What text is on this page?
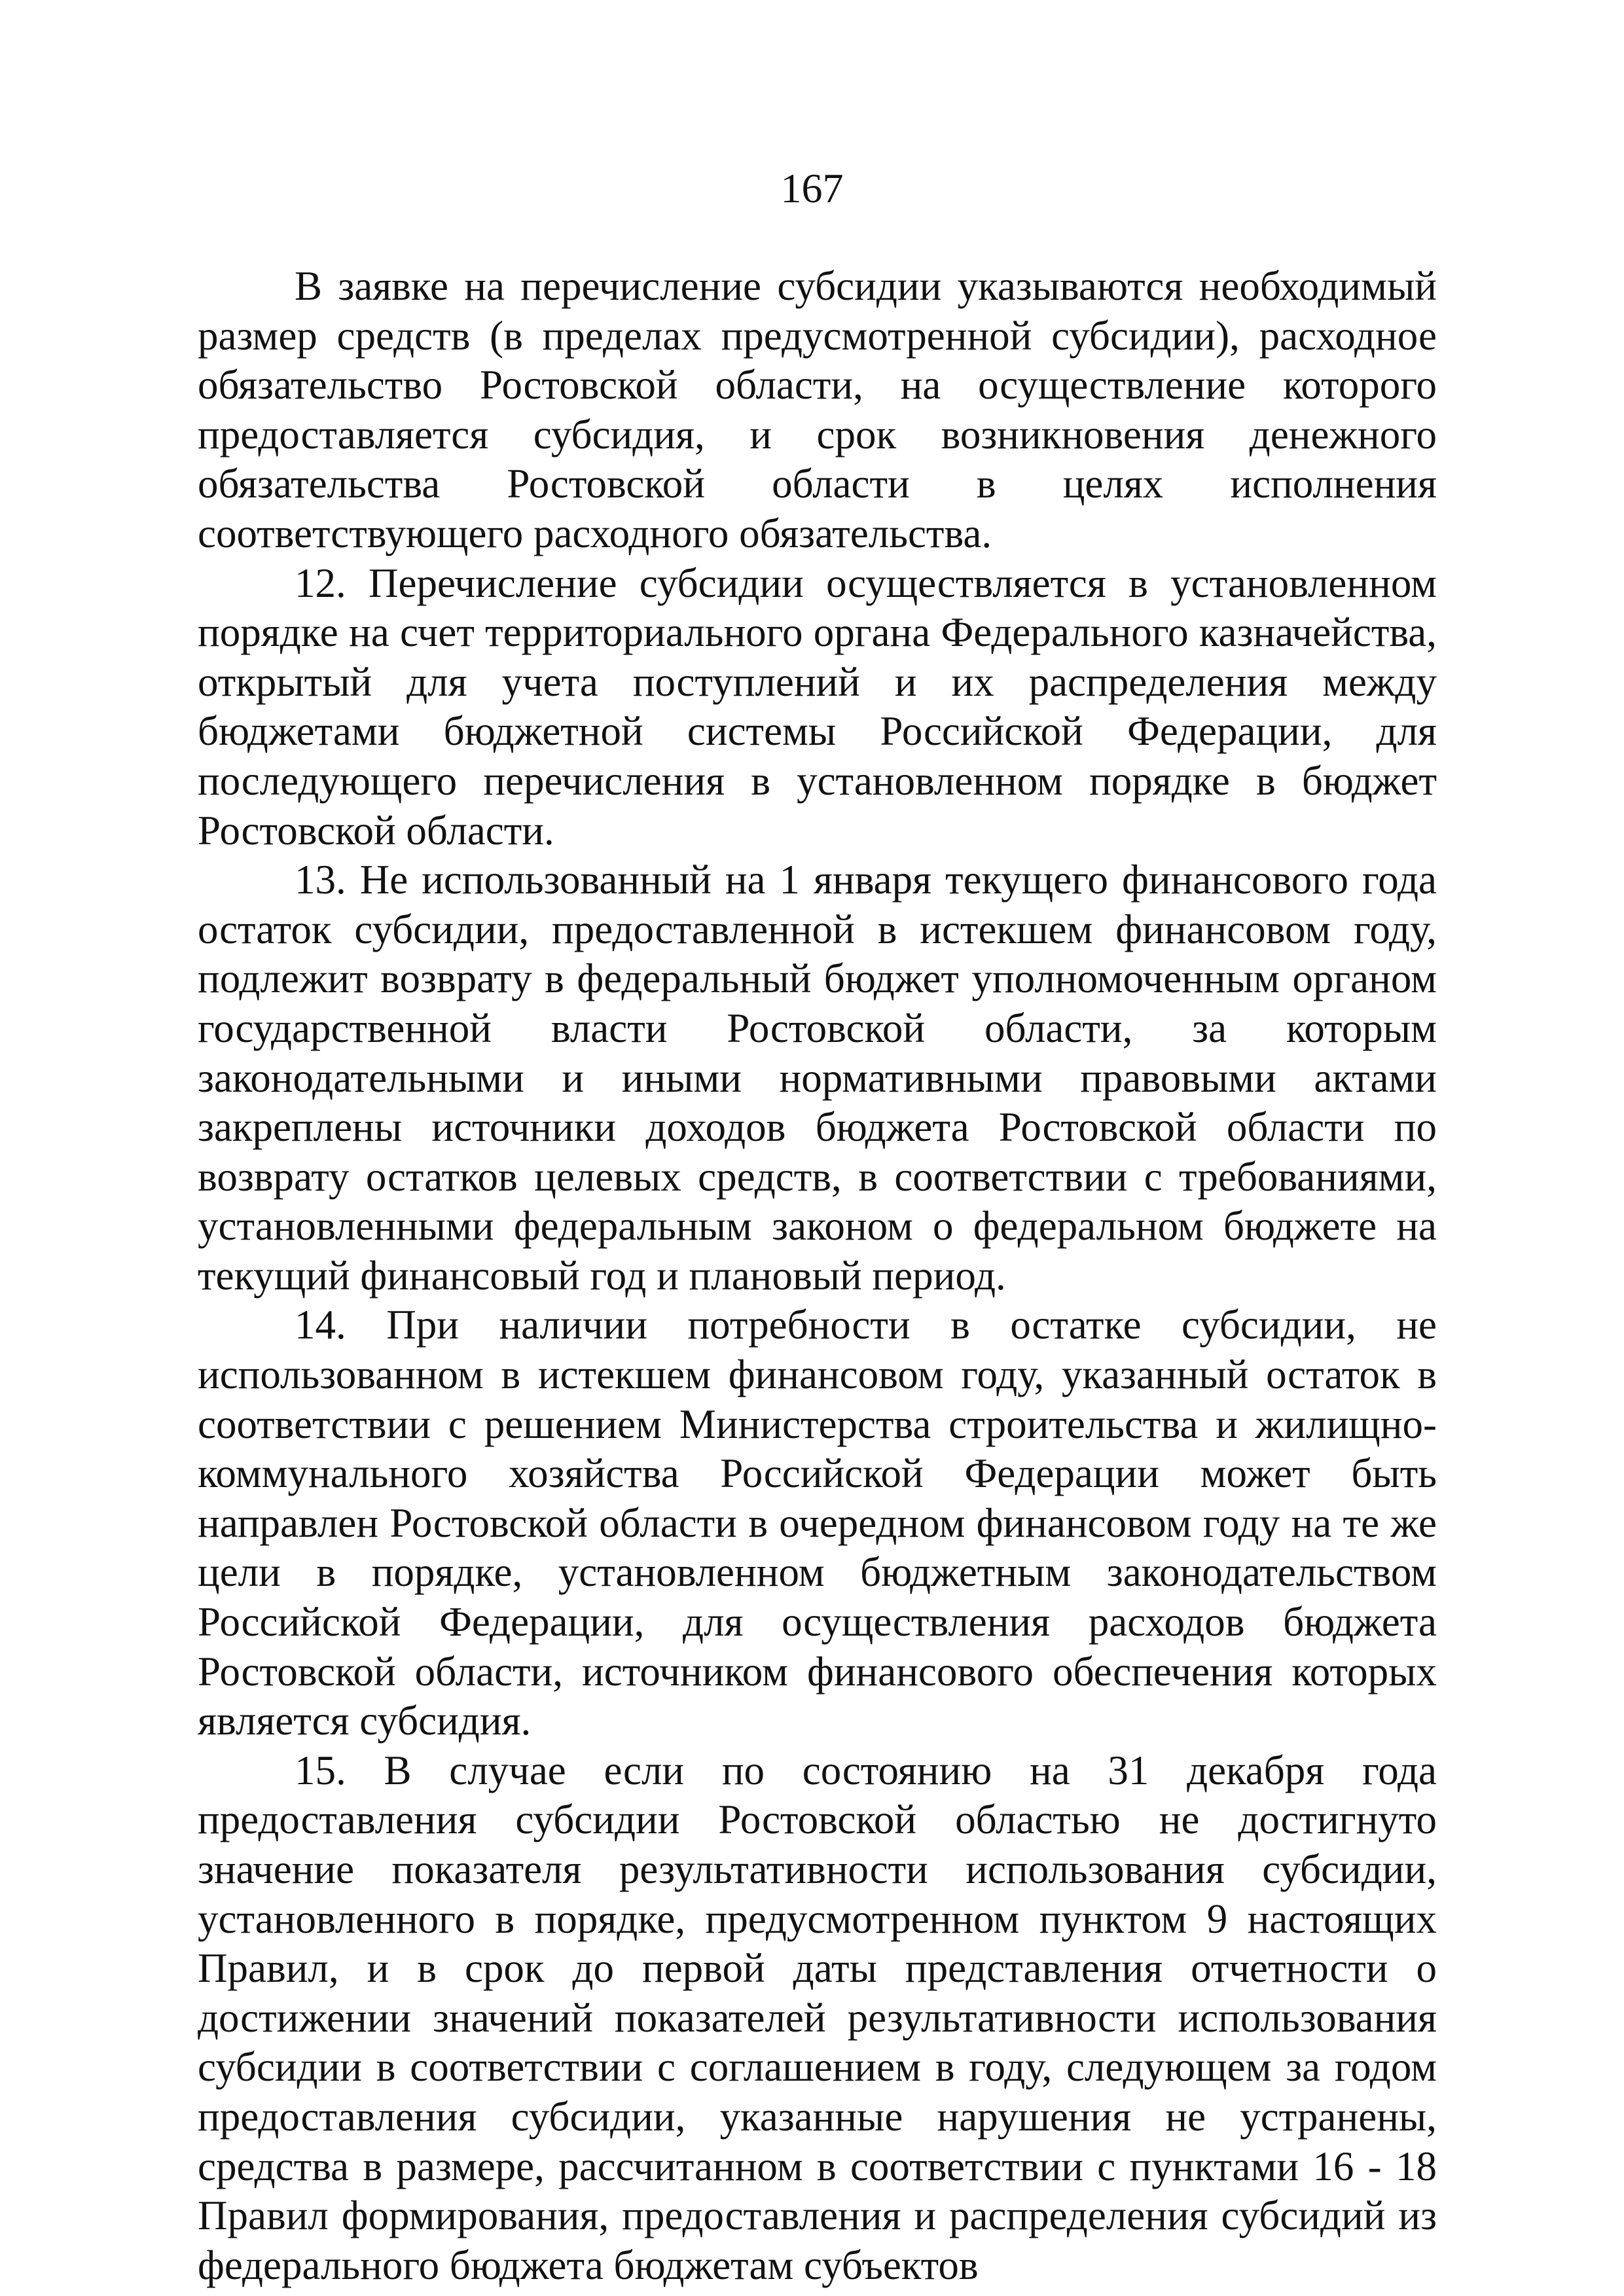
167

В заявке на перечисление субсидии указываются необходимый размер средств (в пределах предусмотренной субсидии), расходное обязательство Ростовской области, на осуществление которого предоставляется субсидия, и срок возникновения денежного обязательства Ростовской области в целях исполнения соответствующего расходного обязательства.

12. Перечисление субсидии осуществляется в установленном порядке на счет территориального органа Федерального казначейства, открытый для учета поступлений и их распределения между бюджетами бюджетной системы Российской Федерации, для последующего перечисления в установленном порядке в бюджет Ростовской области.

13. Не использованный на 1 января текущего финансового года остаток субсидии, предоставленной в истекшем финансовом году, подлежит возврату в федеральный бюджет уполномоченным органом государственной власти Ростовской области, за которым законодательными и иными нормативными правовыми актами закреплены источники доходов бюджета Ростовской области по возврату остатков целевых средств, в соответствии с требованиями, установленными федеральным законом о федеральном бюджете на текущий финансовый год и плановый период.

14. При наличии потребности в остатке субсидии, не использованном в истекшем финансовом году, указанный остаток в соответствии с решением Министерства строительства и жилищно-коммунального хозяйства Российской Федерации может быть направлен Ростовской области в очередном финансовом году на те же цели в порядке, установленном бюджетным законодательством Российской Федерации, для осуществления расходов бюджета Ростовской области, источником финансового обеспечения которых является субсидия.

15. В случае если по состоянию на 31 декабря года предоставления субсидии Ростовской областью не достигнуто значение показателя результативности использования субсидии, установленного в порядке, предусмотренном пунктом 9 настоящих Правил, и в срок до первой даты представления отчетности о достижении значений показателей результативности использования субсидии в соответствии с соглашением в году, следующем за годом предоставления субсидии, указанные нарушения не устранены, средства в размере, рассчитанном в соответствии с пунктами 16 - 18 Правил формирования, предоставления и распределения субсидий из федерального бюджета бюджетам субъектов
